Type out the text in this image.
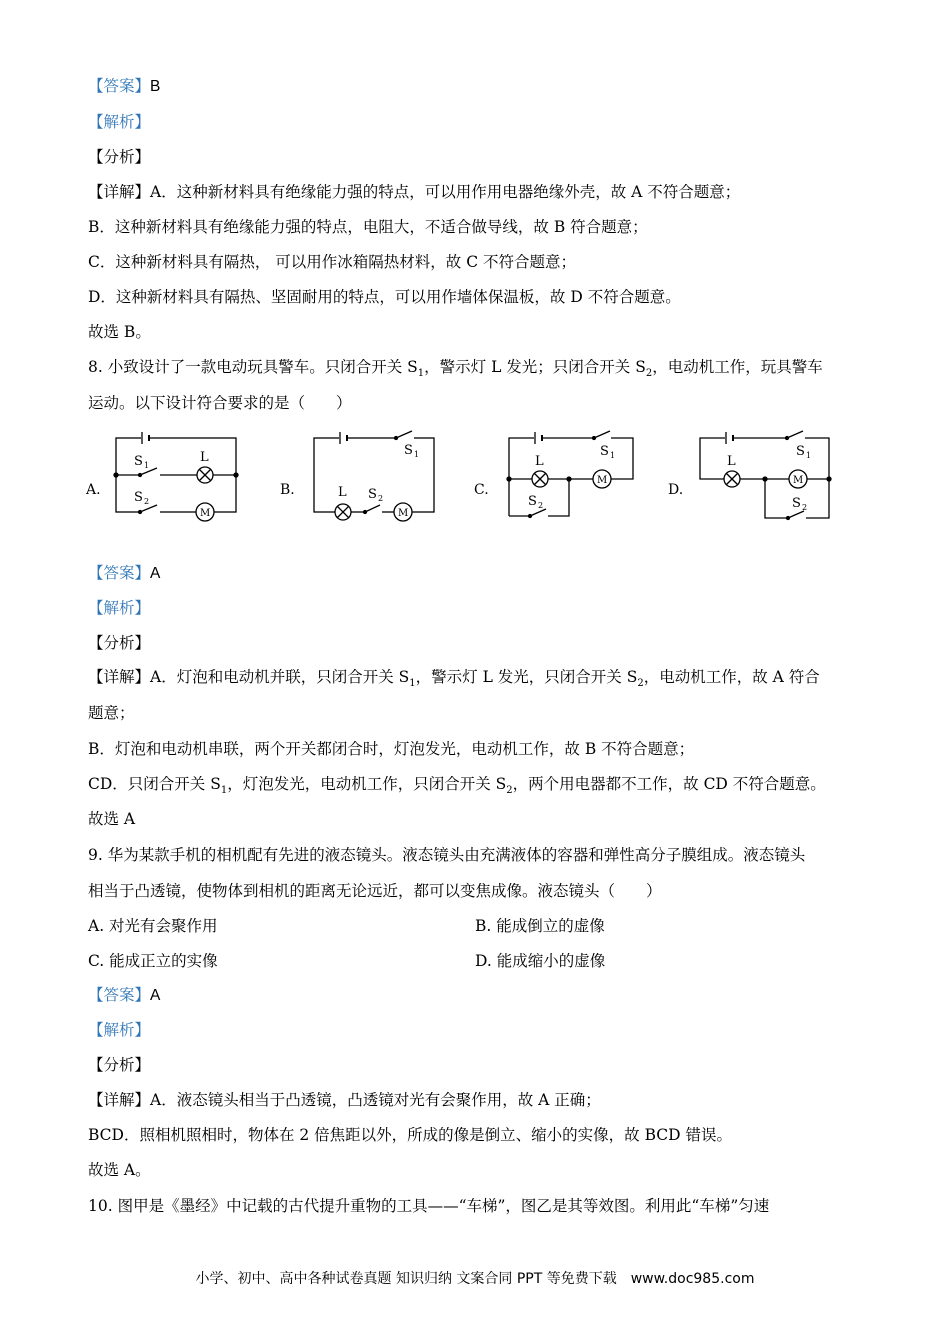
【答案】B
【解析】
【分析】
【详解】A．这种新材料具有绝缘能力强的特点，可以用作用电器绝缘外壳，故 A 不符合题意；
B．这种新材料具有绝缘能力强的特点，电阻大，不适合做导线，故 B 符合题意；
C．这种新材料具有隔热， 可以用作冰箱隔热材料，故 C 不符合题意；
D．这种新材料具有隔热、坚固耐用的特点，可以用作墙体保温板，故 D 不符合题意。
故选 B。
8. 小致设计了一款电动玩具警车。只闭合开关 $S_1$，警示灯 L 发光；只闭合开关 $S_2$，电动机工作，玩具警车
运动。以下设计符合要求的是（　　）
A.
S 1
L
S 2
M
B.
S 1
L S 2
M
C.
S 1
L
M
S 2
D.
S 1
L
M
S 2
【答案】A
【解析】
【分析】
【详解】A．灯泡和电动机并联，只闭合开关 $S_1$，警示灯 L 发光，只闭合开关 $S_2$，电动机工作，故 A 符合
题意；
B．灯泡和电动机串联，两个开关都闭合时，灯泡发光，电动机工作，故 B 不符合题意；
CD．只闭合开关 $S_1$，灯泡发光，电动机工作，只闭合开关 $S_2$，两个用电器都不工作，故 CD 不符合题意。
故选 A
9. 华为某款手机的相机配有先进的液态镜头。液态镜头由充满液体的容器和弹性高分子膜组成。液态镜头
相当于凸透镜，使物体到相机的距离无论远近，都可以变焦成像。液态镜头（　　）
A. 对光有会聚作用	B. 能成倒立的虚像
C. 能成正立的实像	D. 能成缩小的虚像
【答案】A
【解析】
【分析】
【详解】A．液态镜头相当于凸透镜，凸透镜对光有会聚作用，故 A 正确；
BCD．照相机照相时，物体在 2 倍焦距以外，所成的像是倒立、缩小的实像，故 BCD 错误。
故选 A。
10. 图甲是《墨经》中记载的古代提升重物的工具——“车梯”，图乙是其等效图。利用此“车梯”匀速
小学、初中、高中各种试卷真题 知识归纳 文案合同 PPT 等免费下载　www.doc985.com
